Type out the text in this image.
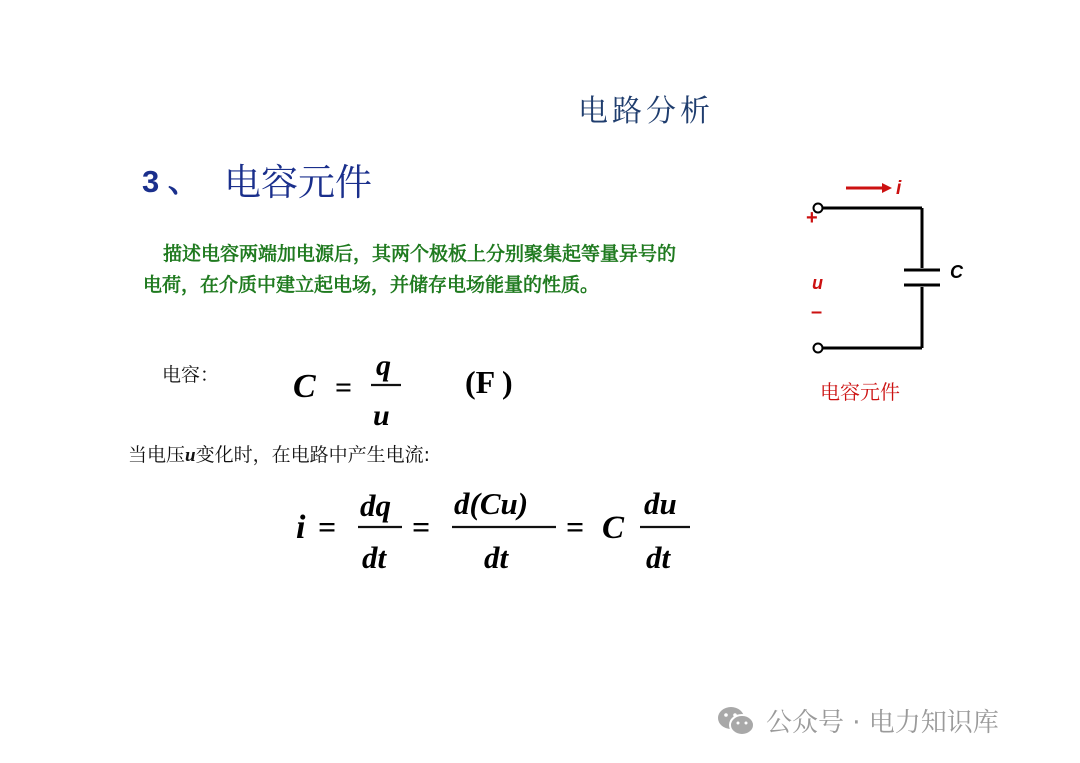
电路分析
3 、 电容元件
描述电容两端加电源后，其两个极板上分别聚集起等量异号的
电荷，在介质中建立起电场，并储存电场能量的性质。
i
+
u
–
C
电容元件
电容： C =
q
u
(F )
当电压u变化时，在电路中产生电流:
i =
dq
dt
=
d(Cu)
dt
= C
du
dt
公众号 · 电力知识库
